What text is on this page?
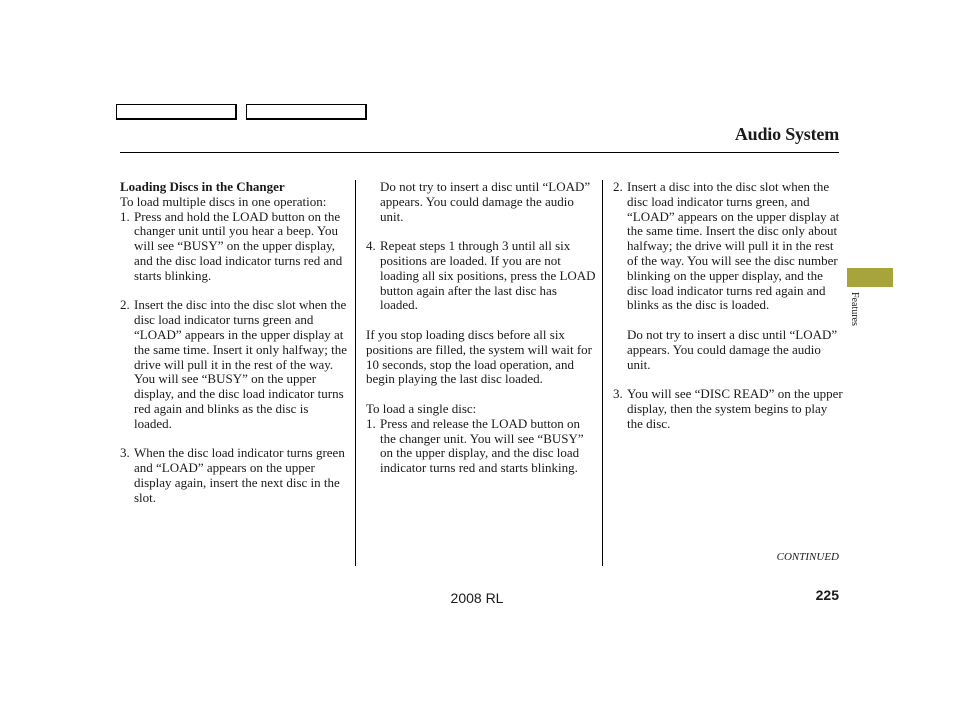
Audio System
Features

Loading Discs in the Changer

To load multiple discs in one operation:

1. Press and hold the LOAD button on the changer unit until you hear a beep. You will see “BUSY” on the upper display, and the disc load indicator turns red and starts blinking.
2. Insert the disc into the disc slot when the disc load indicator turns green and “LOAD” appears in the upper display at the same time. Insert it only halfway; the drive will pull it in the rest of the way. You will see “BUSY” on the upper display, and the disc load indicator turns red again and blinks as the disc is loaded.
3. When the disc load indicator turns green and “LOAD” appears on the upper display again, insert the next disc in the slot.

Do not try to insert a disc until “LOAD” appears. You could damage the audio unit.

4. Repeat steps 1 through 3 until all six positions are loaded. If you are not loading all six positions, press the LOAD button again after the last disc has loaded.

If you stop loading discs before all six positions are filled, the system will wait for 10 seconds, stop the load operation, and begin playing the last disc loaded.

To load a single disc:

1. Press and release the LOAD button on the changer unit. You will see “BUSY” on the upper display, and the disc load indicator turns red and starts blinking.
2. Insert a disc into the disc slot when the disc load indicator turns green, and “LOAD” appears on the upper display at the same time. Insert the disc only about halfway; the drive will pull it in the rest of the way. You will see the disc number blinking on the upper display, and the disc load indicator turns red again and blinks as the disc is loaded.

Do not try to insert a disc until “LOAD” appears. You could damage the audio unit.

3. You will see “DISC READ” on the upper display, then the system begins to play the disc.
CONTINUED
2008 RL	225
